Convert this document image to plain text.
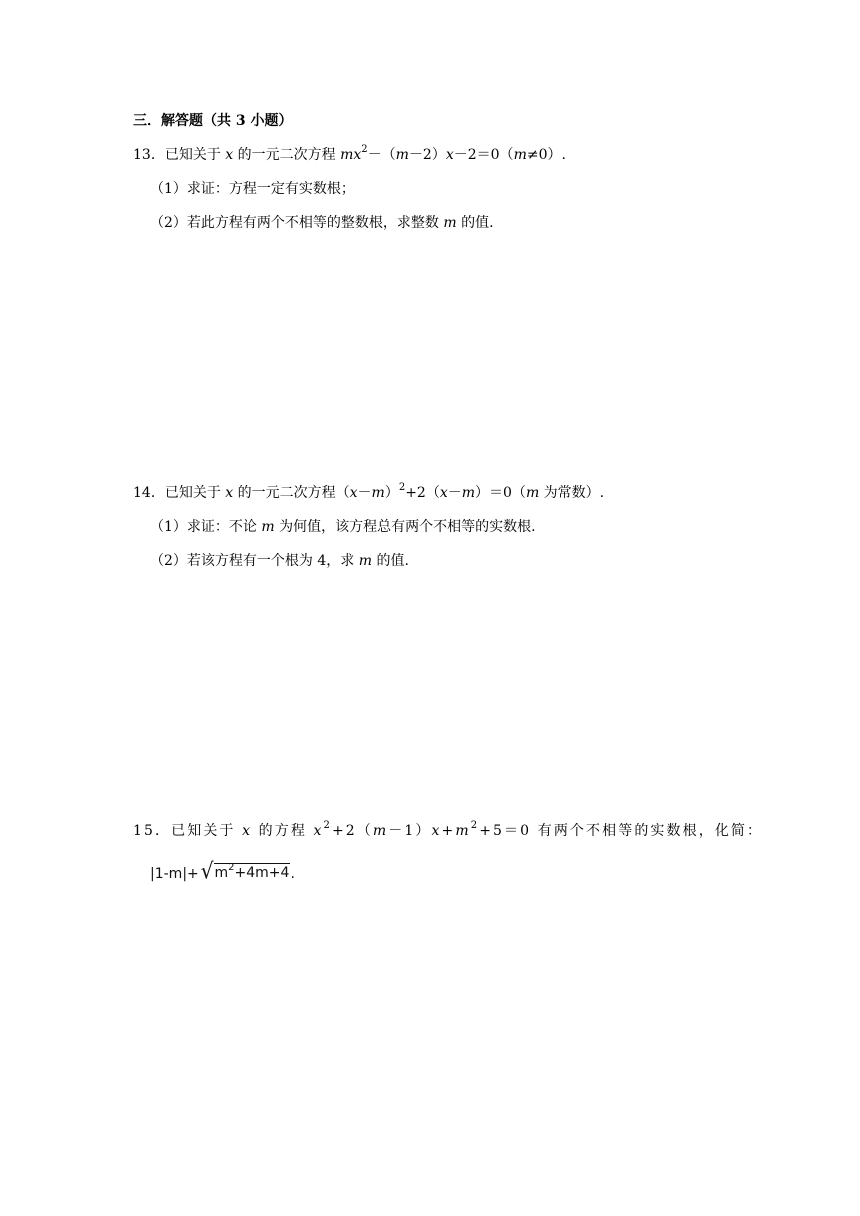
三．解答题（共 3 小题）
13．已知关于 x 的一元二次方程 $mx^2-(m-2)x-2=0(m\ne 0)$.
（1）求证：方程一定有实数根；
（2）若此方程有两个不相等的整数根，求整数 m 的值.
14．已知关于 x 的一元二次方程$(x-m)^2+2(x-m)=0(m$ 为常数）.
（1）求证：不论 m 为何值，该方程总有两个不相等的实数根.
（2）若该方程有一个根为 4，求 m 的值.
15．已知关于 x 的方程 $x^2+2(m-1)x+m^2+5=0$ 有两个不相等的实数根，化简：
|1-m|+ √ $m^2+4m+4$ .
